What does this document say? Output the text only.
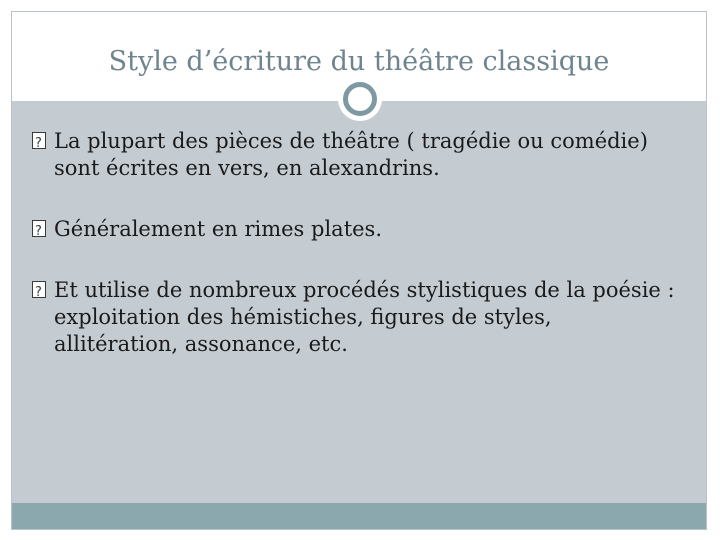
Style d’écriture du théâtre classique
?
La plupart des pièces de théâtre ( tragédie ou comédie) sont écrites en vers, en alexandrins.
?
Généralement en rimes plates.
?
Et utilise de nombreux procédés stylistiques de la poésie : exploitation des hémistiches, figures de styles, allitération, assonance, etc.
